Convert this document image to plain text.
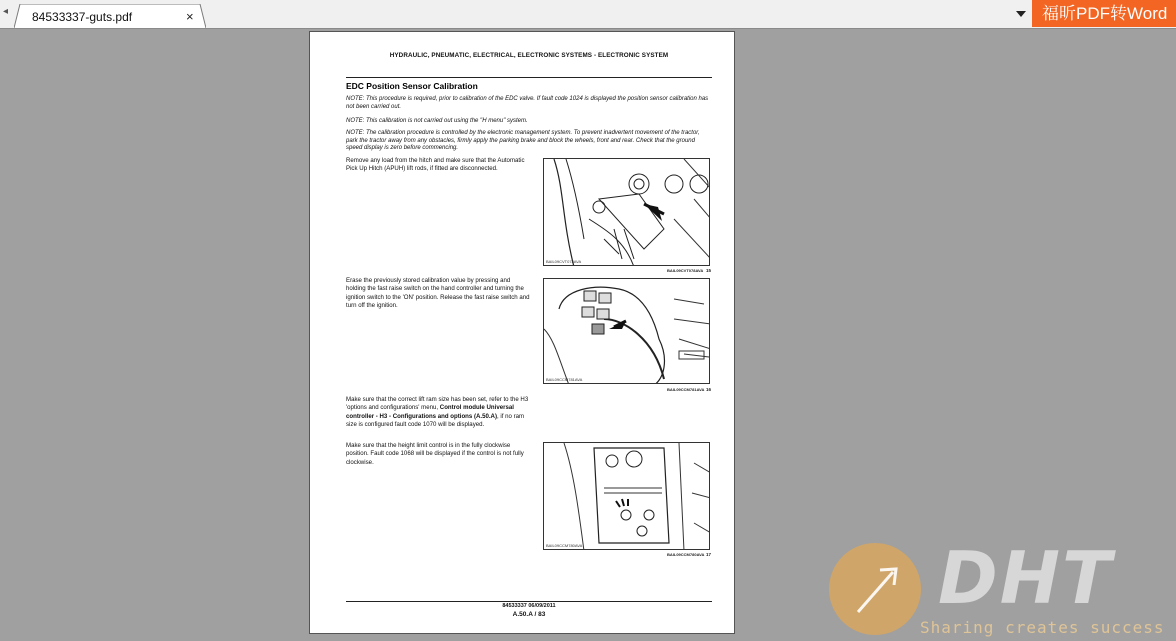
◂	84533337-guts.pdf	×	福昕PDF转Word
HYDRAULIC, PNEUMATIC, ELECTRICAL, ELECTRONIC SYSTEMS - ELECTRONIC SYSTEM
EDC Position Sensor Calibration
NOTE: This procedure is required, prior to calibration of the EDC valve. If fault code 1024 is displayed the position sensor calibration has not been carried out.
NOTE: This calibration is not carried out using the "H menu" system.
NOTE: The calibration procedure is controlled by the electronic management system. To prevent inadvertent movement of the tractor, park the tractor away from any obstacles, firmly apply the parking brake and block the wheels, front and rear. Check that the ground speed display is zero before commencing.
Remove any load from the hitch and make sure that the Automatic Pick Up Hitch (APUH) lift rods, if fitted are disconnected.
Erase the previously stored calibration value by pressing and holding the fast raise switch on the hand controller and turning the ignition switch to the 'ON' position. Release the fast raise switch and turn off the ignition.
Make sure that the correct lift ram size has been set, refer to the H3 'options and configurations' menu, Control module Universal controller - H3 - Configurations and options (A.50.A), if no ram size is configured fault code 1070 will be displayed.
Make sure that the height limit control is in the fully clockwise position. Fault code 1068 will be displayed if the control is not fully clockwise.
BAIL09CVT078AVA
BAIL09CVT078AVA 15
BAIL09CCM781AVA
BAIL09CCM781AVA 16
BAIL09CCM780AVA
BAIL09CCM780AVA 17
84533337 06/09/2011
A.50.A / 83	DHT
Sharing creates success
